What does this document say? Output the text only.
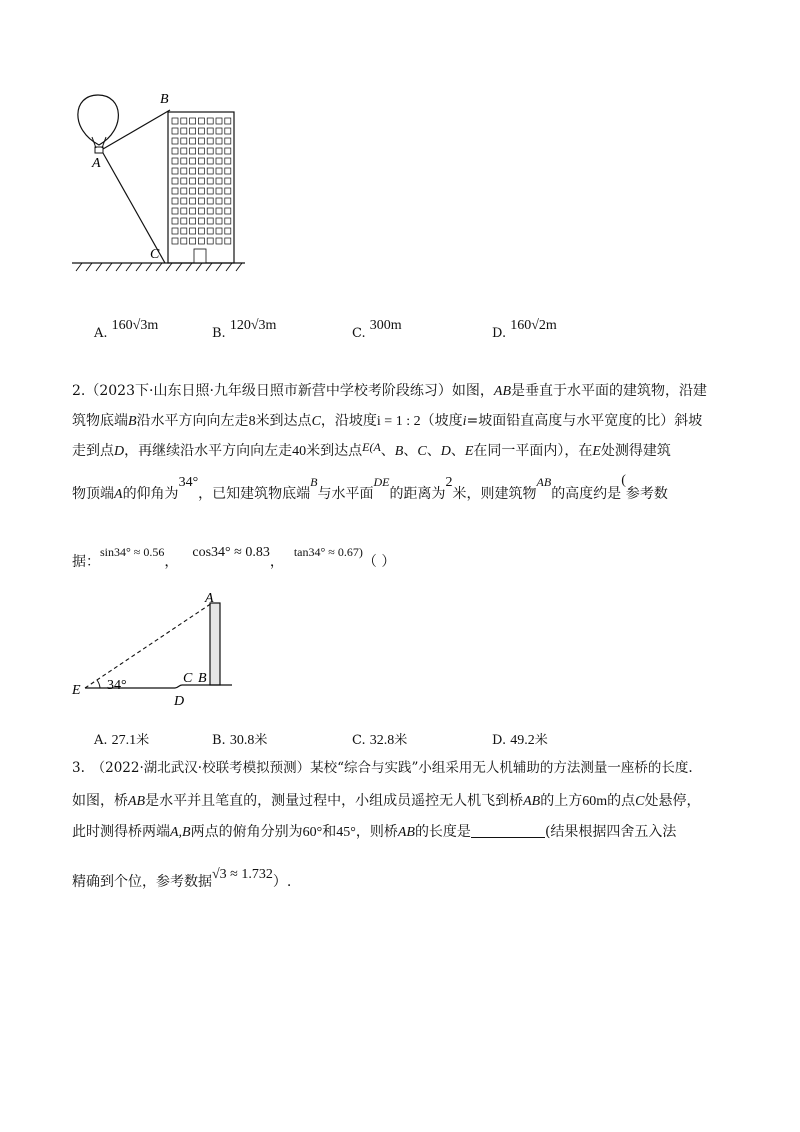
B
A
C
A. 160√3m
B. 120√3m
C. 300m
D. 160√2m
2.（2023下·山东日照·九年级日照市新营中学校考阶段练习）如图，AB是垂直于水平面的建筑物，沿建
筑物底端B沿水平方向向左走8米到达点C，沿坡度i = 1 : 2（坡度i=坡面铅直高度与水平宽度的比）斜坡
走到点D，再继续沿水平方向向左走40米到达点E(A、B、C、D、E在同一平面内），在E处测得建筑
物顶端A的仰角为34°，已知建筑物底端B与水平面DE的距离为2米，则建筑物AB的高度约是(参考数
据：sin34° ≈ 0.56，cos34° ≈ 0.83，tan34° ≈ 0.67)（ ）
A
C B
E
D
34°
A. 27.1米	B. 30.8米	C. 32.8米	D. 49.2米
3.　（2022·湖北武汉·校联考模拟预测）某校“综合与实践”小组采用无人机辅助的方法测量一座桥的长度.
如图，桥AB是水平并且笔直的，测量过程中，小组成员遥控无人机飞到桥AB的上方60m的点C处悬停，
此时测得桥两端A,B两点的俯角分别为60°和45°，则桥AB的长度是	(结果根据四舍五入法
精确到个位，参考数据√3 ≈ 1.732）.
